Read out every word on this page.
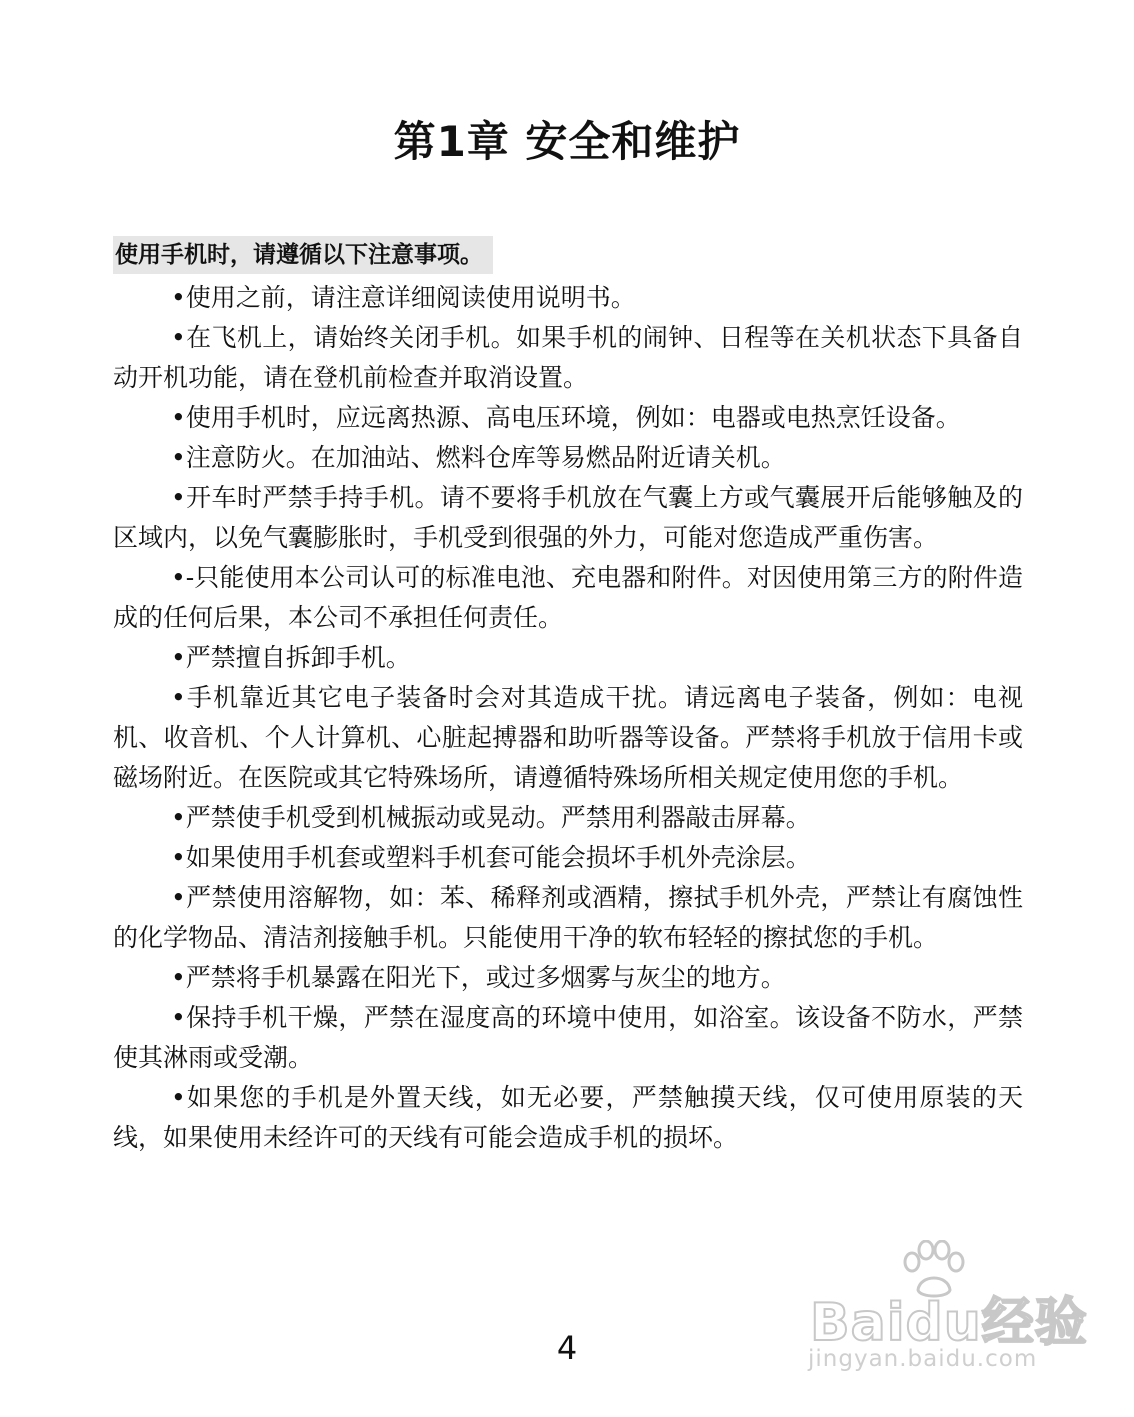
第1章 安全和维护
使用手机时，请遵循以下注意事项。

•使用之前，请注意详细阅读使用说明书。

•在飞机上，请始终关闭手机。如果手机的闹钟、日程等在关机状态下具备自动开机功能，请在登机前检查并取消设置。

•使用手机时，应远离热源、高电压环境，例如：电器或电热烹饪设备。

•注意防火。在加油站、燃料仓库等易燃品附近请关机。

•开车时严禁手持手机。请不要将手机放在气囊上方或气囊展开后能够触及的区域内，以免气囊膨胀时，手机受到很强的外力，可能对您造成严重伤害。

•-只能使用本公司认可的标准电池、充电器和附件。对因使用第三方的附件造成的任何后果，本公司不承担任何责任。

•严禁擅自拆卸手机。

•手机靠近其它电子装备时会对其造成干扰。请远离电子装备，例如：电视机、收音机、个人计算机、心脏起搏器和助听器等设备。严禁将手机放于信用卡或磁场附近。在医院或其它特殊场所，请遵循特殊场所相关规定使用您的手机。

•严禁使手机受到机械振动或晃动。严禁用利器敲击屏幕。

•如果使用手机套或塑料手机套可能会损坏手机外壳涂层。

•严禁使用溶解物，如：苯、稀释剂或酒精，擦拭手机外壳，严禁让有腐蚀性的化学物品、清洁剂接触手机。只能使用干净的软布轻轻的擦拭您的手机。

•严禁将手机暴露在阳光下，或过多烟雾与灰尘的地方。

•保持手机干燥，严禁在湿度高的环境中使用，如浴室。该设备不防水，严禁使其淋雨或受潮。

•如果您的手机是外置天线，如无必要，严禁触摸天线，仅可使用原装的天线，如果使用未经许可的天线有可能会造成手机的损坏。

4	Baidu经验
jingyan.baidu.com
